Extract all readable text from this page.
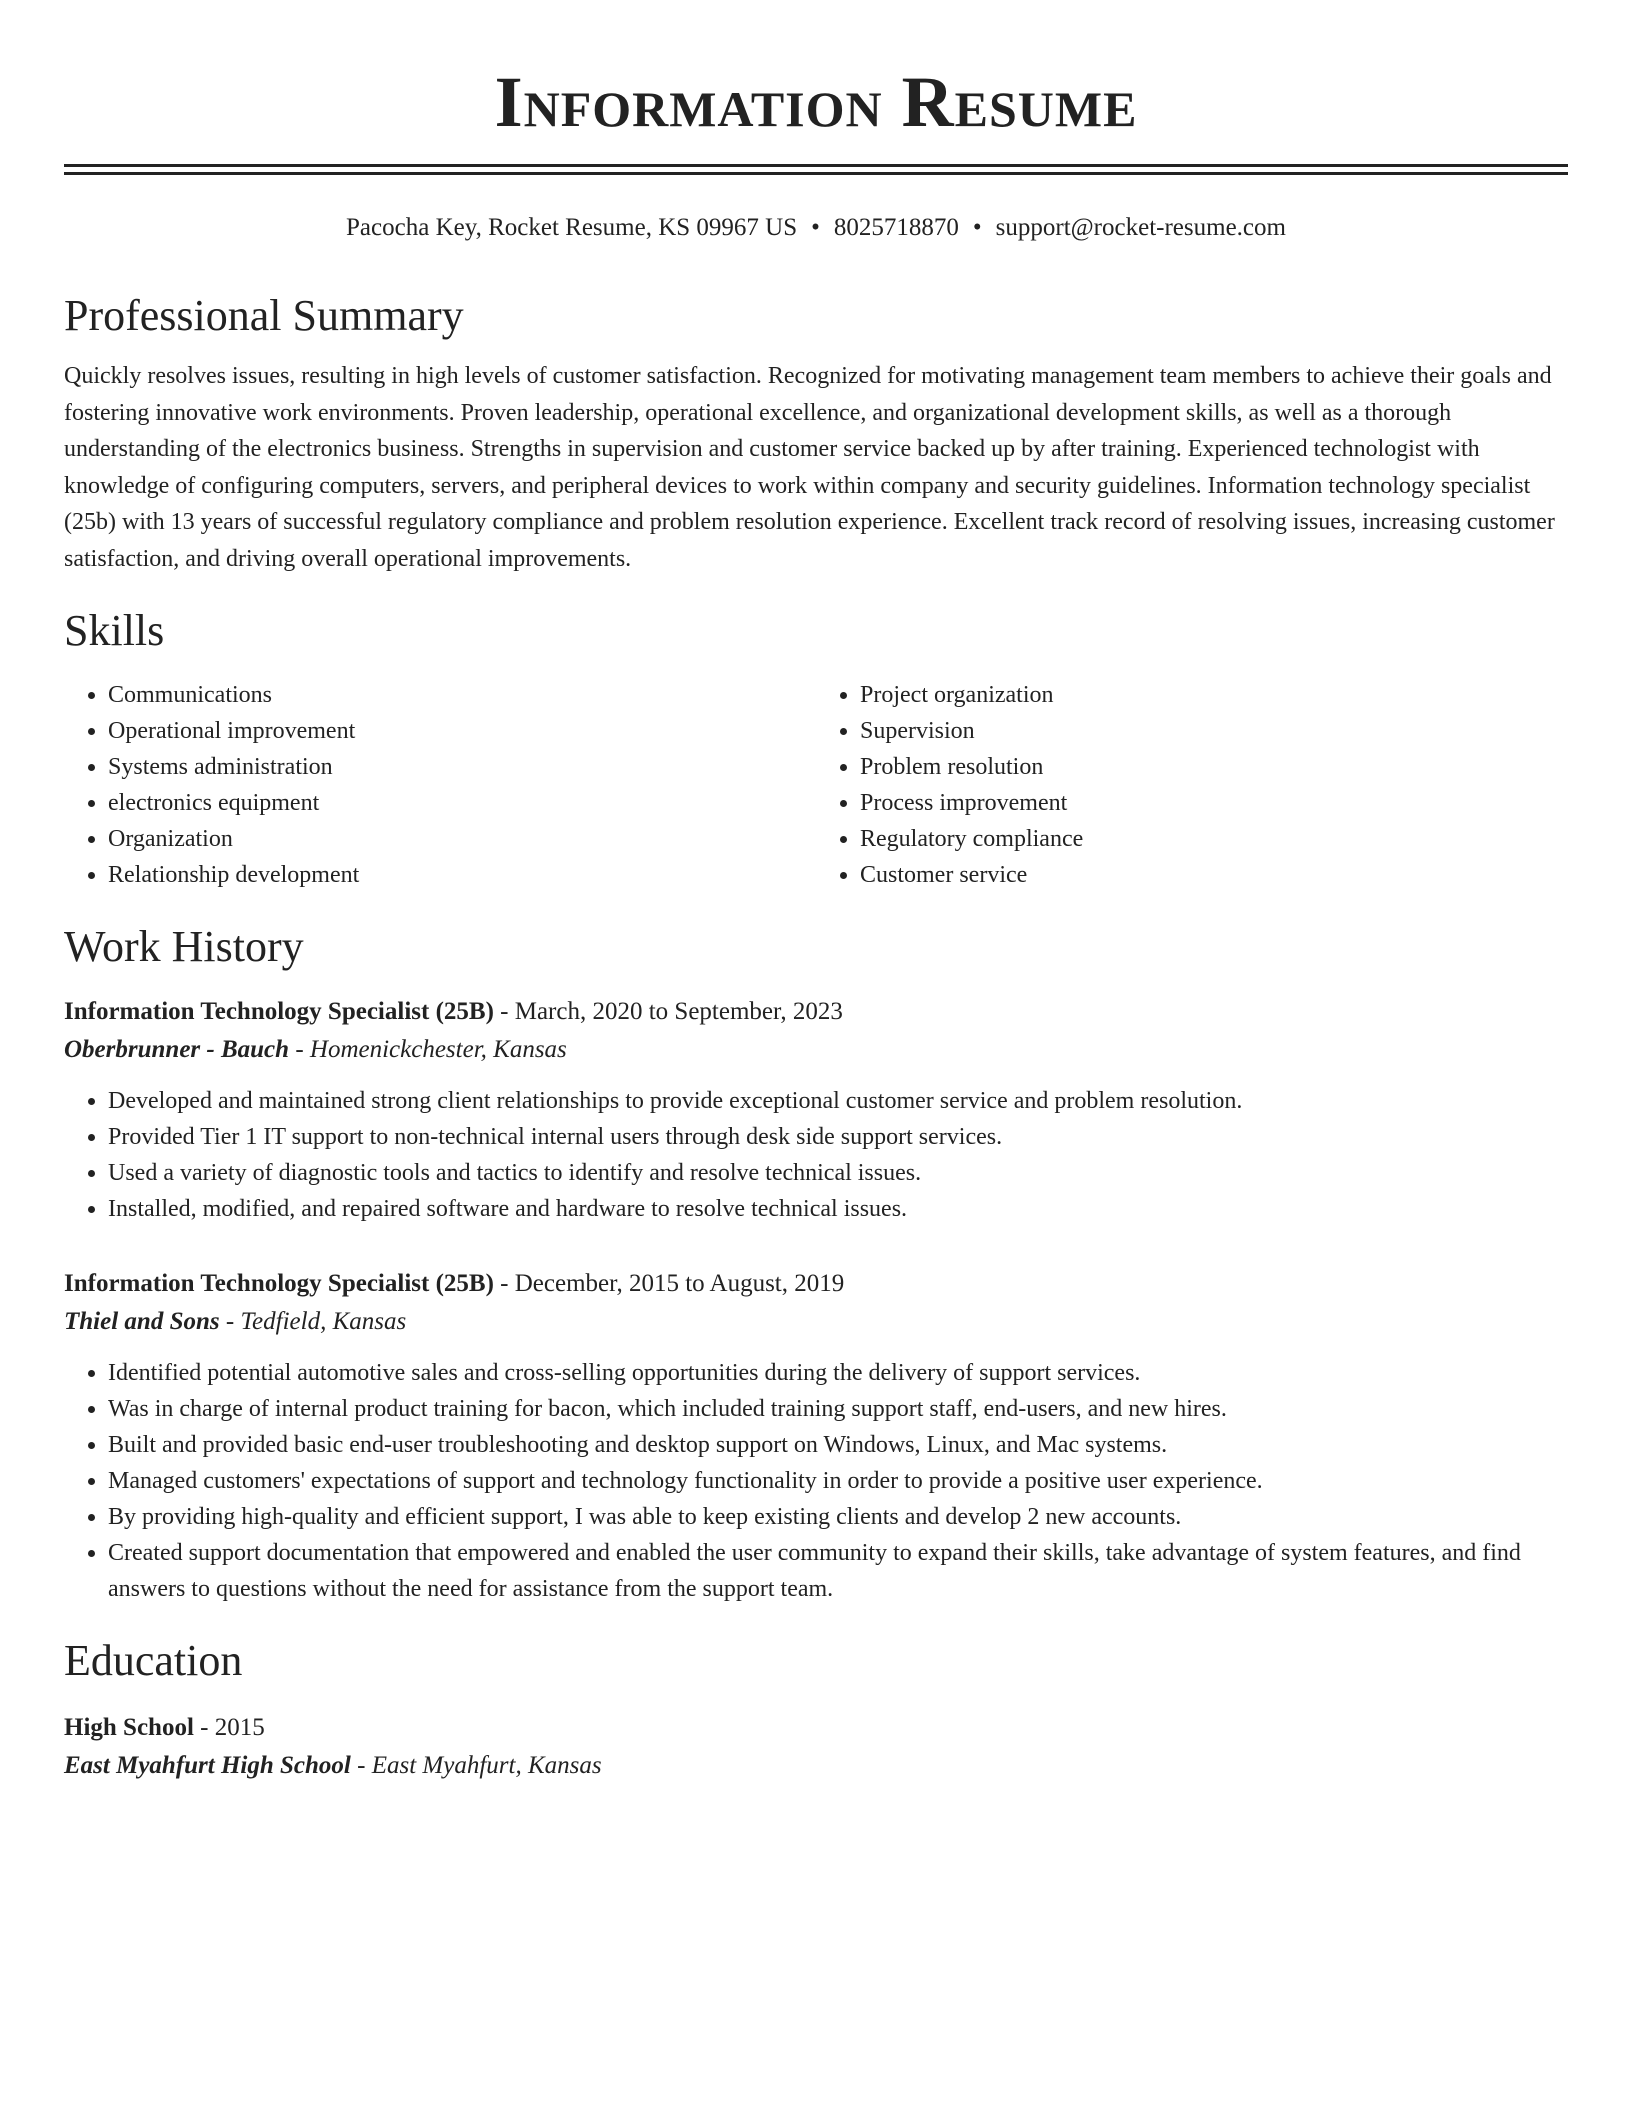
Information Resume
Pacocha Key, Rocket Resume, KS 09967 US • 8025718870 • support@rocket-resume.com
Professional Summary

Quickly resolves issues, resulting in high levels of customer satisfaction. Recognized for motivating management team members to achieve their goals and fostering innovative work environments. Proven leadership, operational excellence, and organizational development skills, as well as a thorough understanding of the electronics business. Strengths in supervision and customer service backed up by after training. Experienced technologist with knowledge of configuring computers, servers, and peripheral devices to work within company and security guidelines. Information technology specialist (25b) with 13 years of successful regulatory compliance and problem resolution experience. Excellent track record of resolving issues, increasing customer satisfaction, and driving overall operational improvements.

Skills
• Communications
• Operational improvement
• Systems administration
• electronics equipment
• Organization
• Relationship development
• Project organization
• Supervision
• Problem resolution
• Process improvement
• Regulatory compliance
• Customer service
Work History
Information Technology Specialist (25B) - March, 2020 to September, 2023
Oberbrunner - Bauch - Homenickchester, Kansas
• Developed and maintained strong client relationships to provide exceptional customer service and problem resolution.
• Provided Tier 1 IT support to non-technical internal users through desk side support services.
• Used a variety of diagnostic tools and tactics to identify and resolve technical issues.
• Installed, modified, and repaired software and hardware to resolve technical issues.
Information Technology Specialist (25B) - December, 2015 to August, 2019
Thiel and Sons - Tedfield, Kansas
• Identified potential automotive sales and cross-selling opportunities during the delivery of support services.
• Was in charge of internal product training for bacon, which included training support staff, end-users, and new hires.
• Built and provided basic end-user troubleshooting and desktop support on Windows, Linux, and Mac systems.
• Managed customers' expectations of support and technology functionality in order to provide a positive user experience.
• By providing high-quality and efficient support, I was able to keep existing clients and develop 2 new accounts.
• Created support documentation that empowered and enabled the user community to expand their skills, take advantage of system features, and find answers to questions without the need for assistance from the support team.
Education
High School - 2015
East Myahfurt High School - East Myahfurt, Kansas
